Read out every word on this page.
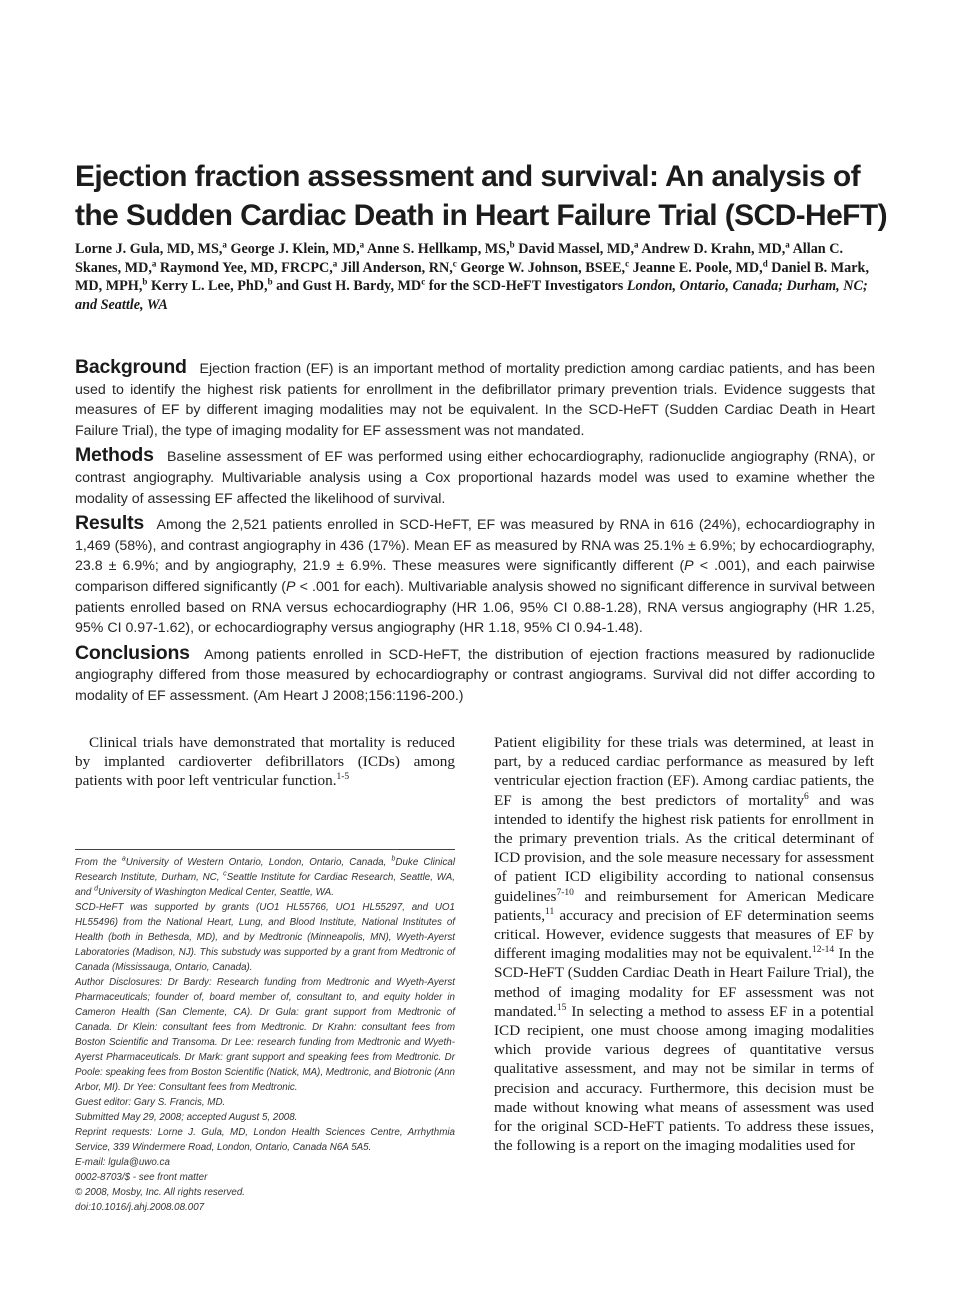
Ejection fraction assessment and survival: An analysis of the Sudden Cardiac Death in Heart Failure Trial (SCD-HeFT)
Lorne J. Gula, MD, MS,$^a$ George J. Klein, MD,$^a$ Anne S. Hellkamp, MS,$^b$ David Massel, MD,$^a$ Andrew D. Krahn, MD,$^a$ Allan C. Skanes, MD,$^a$ Raymond Yee, MD, FRCPC,$^a$ Jill Anderson, RN,$^c$ George W. Johnson, BSEE,$^c$ Jeanne E. Poole, MD,$^d$ Daniel B. Mark, MD, MPH,$^b$ Kerry L. Lee, PhD,$^b$ and Gust H. Bardy, $MD^c$ for the SCD-HeFT Investigators London, Ontario, Canada; Durham, NC; and Seattle, WA

Background Ejection fraction (EF) is an important method of mortality prediction among cardiac patients, and has been used to identify the highest risk patients for enrollment in the defibrillator primary prevention trials. Evidence suggests that measures of EF by different imaging modalities may not be equivalent. In the SCD-HeFT (Sudden Cardiac Death in Heart Failure Trial), the type of imaging modality for EF assessment was not mandated.

Methods Baseline assessment of EF was performed using either echocardiography, radionuclide angiography (RNA), or contrast angiography. Multivariable analysis using a Cox proportional hazards model was used to examine whether the modality of assessing EF affected the likelihood of survival.

Results Among the 2,521 patients enrolled in SCD-HeFT, EF was measured by RNA in 616 (24%), echocardiography in 1,469 (58%), and contrast angiography in 436 (17%). Mean EF as measured by RNA was 25.1% ± 6.9%; by echocardiography, 23.8 ± 6.9%; and by angiography, 21.9 ± 6.9%. These measures were significantly different (P < .001), and each pairwise comparison differed significantly (P < .001 for each). Multivariable analysis showed no significant difference in survival between patients enrolled based on RNA versus echocardiography (HR 1.06, 95% CI 0.88-1.28), RNA versus angiography (HR 1.25, 95% CI 0.97-1.62), or echocardiography versus angiography (HR 1.18, 95% CI 0.94-1.48).

Conclusions Among patients enrolled in SCD-HeFT, the distribution of ejection fractions measured by radionuclide angiography differed from those measured by echocardiography or contrast angiograms. Survival did not differ according to modality of EF assessment. (Am Heart J 2008;156:1196-200.)

Clinical trials have demonstrated that mortality is reduced by implanted cardioverter defibrillators (ICDs) among patients with poor left ventricular function.$^{1-5}$

From the $^a$University of Western Ontario, London, Ontario, Canada, $^b$Duke Clinical Research Institute, Durham, NC, $^c$Seattle Institute for Cardiac Research, Seattle, WA, and $^d$University of Washington Medical Center, Seattle, WA.

SCD-HeFT was supported by grants (UO1 HL55766, UO1 HL55297, and UO1 HL55496) from the National Heart, Lung, and Blood Institute, National Institutes of Health (both in Bethesda, MD), and by Medtronic (Minneapolis, MN), Wyeth-Ayerst Laboratories (Madison, NJ). This substudy was supported by a grant from Medtronic of Canada (Mississauga, Ontario, Canada).

Author Disclosures: Dr Bardy: Research funding from Medtronic and Wyeth-Ayerst Pharmaceuticals; founder of, board member of, consultant to, and equity holder in Cameron Health (San Clemente, CA). Dr Gula: grant support from Medtronic of Canada. Dr Klein: consultant fees from Medtronic. Dr Krahn: consultant fees from Boston Scientific and Transoma. Dr Lee: research funding from Medtronic and Wyeth-Ayerst Pharmaceuticals. Dr Mark: grant support and speaking fees from Medtronic. Dr Poole: speaking fees from Boston Scientific (Natick, MA), Medtronic, and Biotronic (Ann Arbor, MI). Dr Yee: Consultant fees from Medtronic.

Guest editor: Gary S. Francis, MD.

Submitted May 29, 2008; accepted August 5, 2008.

Reprint requests: Lorne J. Gula, MD, London Health Sciences Centre, Arrhythmia Service, 339 Windermere Road, London, Ontario, Canada N6A 5A5.

E-mail: lgula@uwo.ca

0002-8703/$ - see front matter

© 2008, Mosby, Inc. All rights reserved.

doi:10.1016/j.ahj.2008.08.007

Patient eligibility for these trials was determined, at least in part, by a reduced cardiac performance as measured by left ventricular ejection fraction (EF). Among cardiac patients, the EF is among the best predictors of mortality$^6$ and was intended to identify the highest risk patients for enrollment in the primary prevention trials. As the critical determinant of ICD provision, and the sole measure necessary for assessment of patient ICD eligibility according to national consensus guidelines$^{7-10}$ and reimbursement for American Medicare patients,$^{11}$ accuracy and precision of EF determination seems critical. However, evidence suggests that measures of EF by different imaging modalities may not be equivalent.$^{12-14}$ In the SCD-HeFT (Sudden Cardiac Death in Heart Failure Trial), the method of imaging modality for EF assessment was not mandated.$^{15}$ In selecting a method to assess EF in a potential ICD recipient, one must choose among imaging modalities which provide various degrees of quantitative versus qualitative assessment, and may not be similar in terms of precision and accuracy. Furthermore, this decision must be made without knowing what means of assessment was used for the original SCD-HeFT patients. To address these issues, the following is a report on the imaging modalities used for
